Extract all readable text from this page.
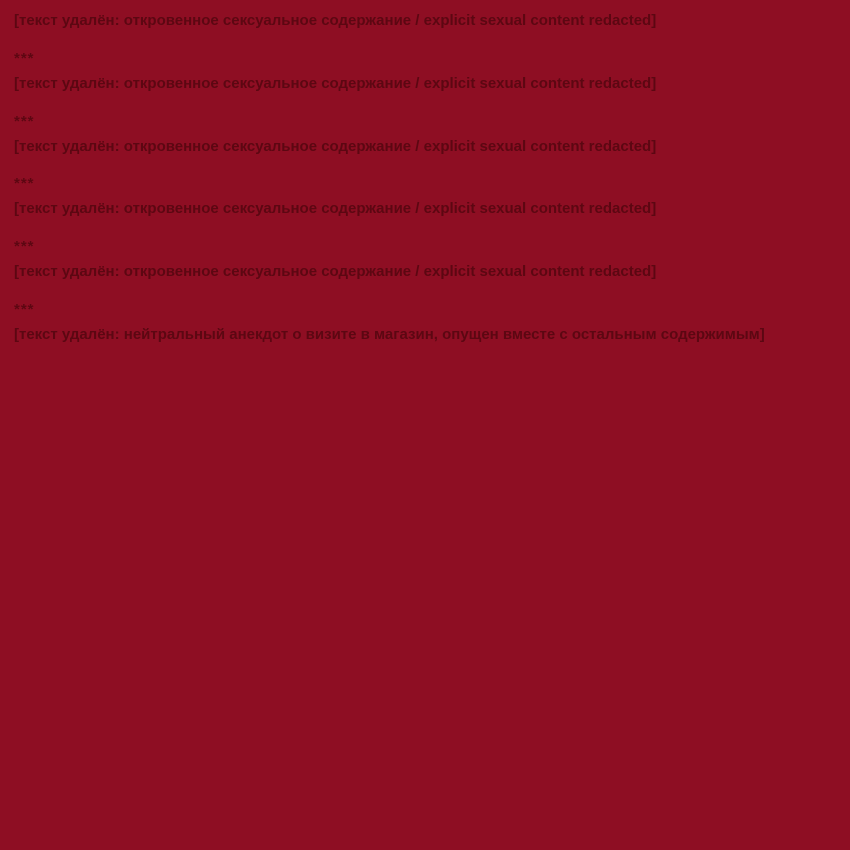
[текст удалён: откровенное сексуальное содержание / explicit sexual content redacted]

***

[текст удалён: откровенное сексуальное содержание / explicit sexual content redacted]

***

[текст удалён: откровенное сексуальное содержание / explicit sexual content redacted]

***

[текст удалён: откровенное сексуальное содержание / explicit sexual content redacted]

***

[текст удалён: откровенное сексуальное содержание / explicit sexual content redacted]

***

[текст удалён: нейтральный анекдот о визите в магазин, опущен вместе с остальным содержимым]
